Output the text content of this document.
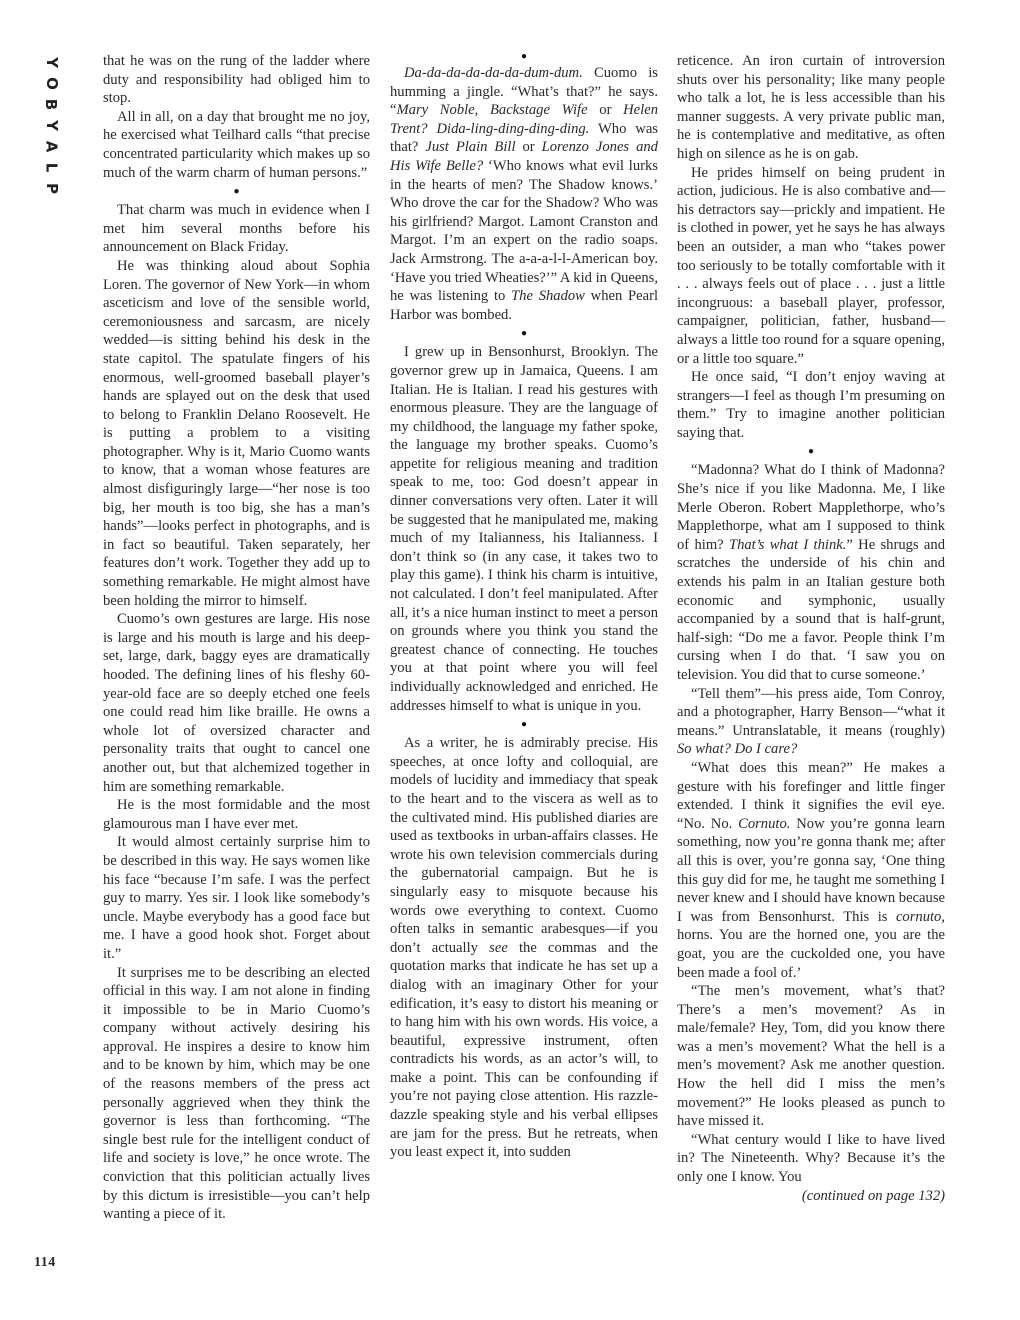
Y
O
B
Y
A
L
P
114

that he was on the rung of the ladder where duty and responsibility had obliged him to stop.

All in all, on a day that brought me no joy, he exercised what Teilhard calls “that precise concentrated particularity which makes up so much of the warm charm of human persons.”

●

That charm was much in evidence when I met him several months before his announcement on Black Friday.

He was thinking aloud about Sophia Loren. The governor of New York—in whom asceticism and love of the sensible world, ceremoniousness and sarcasm, are nicely wedded—is sitting behind his desk in the state capitol. The spatulate fingers of his enormous, well-groomed baseball player’s hands are splayed out on the desk that used to belong to Franklin Delano Roosevelt. He is putting a problem to a visiting photographer. Why is it, Mario Cuomo wants to know, that a woman whose features are almost disfiguringly large—“her nose is too big, her mouth is too big, she has a man’s hands”—looks perfect in photographs, and is in fact so beautiful. Taken separately, her features don’t work. Together they add up to something remarkable. He might almost have been holding the mirror to himself.

Cuomo’s own gestures are large. His nose is large and his mouth is large and his deep-set, large, dark, baggy eyes are dramatically hooded. The defining lines of his fleshy 60-year-old face are so deeply etched one feels one could read him like braille. He owns a whole lot of oversized character and personality traits that ought to cancel one another out, but that alchemized together in him are something remarkable.

He is the most formidable and the most glamourous man I have ever met.

It would almost certainly surprise him to be described in this way. He says women like his face “because I’m safe. I was the perfect guy to marry. Yes sir. I look like somebody’s uncle. Maybe everybody has a good face but me. I have a good hook shot. Forget about it.”

It surprises me to be describing an elected official in this way. I am not alone in finding it impossible to be in Mario Cuomo’s company without actively desiring his approval. He inspires a desire to know him and to be known by him, which may be one of the reasons members of the press act personally aggrieved when they think the governor is less than forthcoming. “The single best rule for the intelligent conduct of life and society is love,” he once wrote. The conviction that this politician actually lives by this dictum is irresistible—you can’t help wanting a piece of it.

●

Da-da-da-da-da-da-dum-dum. Cuomo is humming a jingle. “What’s that?” he says. “Mary Noble, Backstage Wife or Helen Trent? Dida-ling-ding-ding-ding. Who was that? Just Plain Bill or Lorenzo Jones and His Wife Belle? ‘Who knows what evil lurks in the hearts of men? The Shadow knows.’ Who drove the car for the Shadow? Who was his girlfriend? Margot. Lamont Cranston and Margot. I’m an expert on the radio soaps. Jack Armstrong. The a-a-a-l-l-American boy. ‘Have you tried Wheaties?’” A kid in Queens, he was listening to The Shadow when Pearl Harbor was bombed.

●

I grew up in Bensonhurst, Brooklyn. The governor grew up in Jamaica, Queens. I am Italian. He is Italian. I read his gestures with enormous pleasure. They are the language of my childhood, the language my father spoke, the language my brother speaks. Cuomo’s appetite for religious meaning and tradition speak to me, too: God doesn’t appear in dinner conversations very often. Later it will be suggested that he manipulated me, making much of my Italianness, his Italianness. I don’t think so (in any case, it takes two to play this game). I think his charm is intuitive, not calculated. I don’t feel manipulated. After all, it’s a nice human instinct to meet a person on grounds where you think you stand the greatest chance of connecting. He touches you at that point where you will feel individually acknowledged and enriched. He addresses himself to what is unique in you.

●

As a writer, he is admirably precise. His speeches, at once lofty and colloquial, are models of lucidity and immediacy that speak to the heart and to the viscera as well as to the cultivated mind. His published diaries are used as textbooks in urban-affairs classes. He wrote his own television commercials during the gubernatorial campaign. But he is singularly easy to misquote because his words owe everything to context. Cuomo often talks in semantic arabesques—if you don’t actually see the commas and the quotation marks that indicate he has set up a dialog with an imaginary Other for your edification, it’s easy to distort his meaning or to hang him with his own words. His voice, a beautiful, expressive instrument, often contradicts his words, as an actor’s will, to make a point. This can be confounding if you’re not paying close attention. His razzle-dazzle speaking style and his verbal ellipses are jam for the press. But he retreats, when you least expect it, into sudden

reticence. An iron curtain of introversion shuts over his personality; like many people who talk a lot, he is less accessible than his manner suggests. A very private public man, he is contemplative and meditative, as often high on silence as he is on gab.

He prides himself on being prudent in action, judicious. He is also combative and—his detractors say—prickly and impatient. He is clothed in power, yet he says he has always been an outsider, a man who “takes power too seriously to be totally comfortable with it . . . always feels out of place . . . just a little incongruous: a baseball player, professor, campaigner, politician, father, husband—always a little too round for a square opening, or a little too square.”

He once said, “I don’t enjoy waving at strangers—I feel as though I’m presuming on them.” Try to imagine another politician saying that.

●

“Madonna? What do I think of Madonna? She’s nice if you like Madonna. Me, I like Merle Oberon. Robert Mapplethorpe, who’s Mapplethorpe, what am I supposed to think of him? That’s what I think.” He shrugs and scratches the underside of his chin and extends his palm in an Italian gesture both economic and symphonic, usually accompanied by a sound that is half-grunt, half-sigh: “Do me a favor. People think I’m cursing when I do that. ‘I saw you on television. You did that to curse someone.’

“Tell them”—his press aide, Tom Conroy, and a photographer, Harry Benson—“what it means.” Untranslatable, it means (roughly) So what? Do I care?

“What does this mean?” He makes a gesture with his forefinger and little finger extended. I think it signifies the evil eye. “No. No. Cornuto. Now you’re gonna learn something, now you’re gonna thank me; after all this is over, you’re gonna say, ‘One thing this guy did for me, he taught me something I never knew and I should have known because I was from Bensonhurst. This is cornuto, horns. You are the horned one, you are the goat, you are the cuckolded one, you have been made a fool of.’

“The men’s movement, what’s that? There’s a men’s movement? As in male/female? Hey, Tom, did you know there was a men’s movement? What the hell is a men’s movement? Ask me another question. How the hell did I miss the men’s movement?” He looks pleased as punch to have missed it.

“What century would I like to have lived in? The Nineteenth. Why? Because it’s the only one I know. You

(continued on page 132)
